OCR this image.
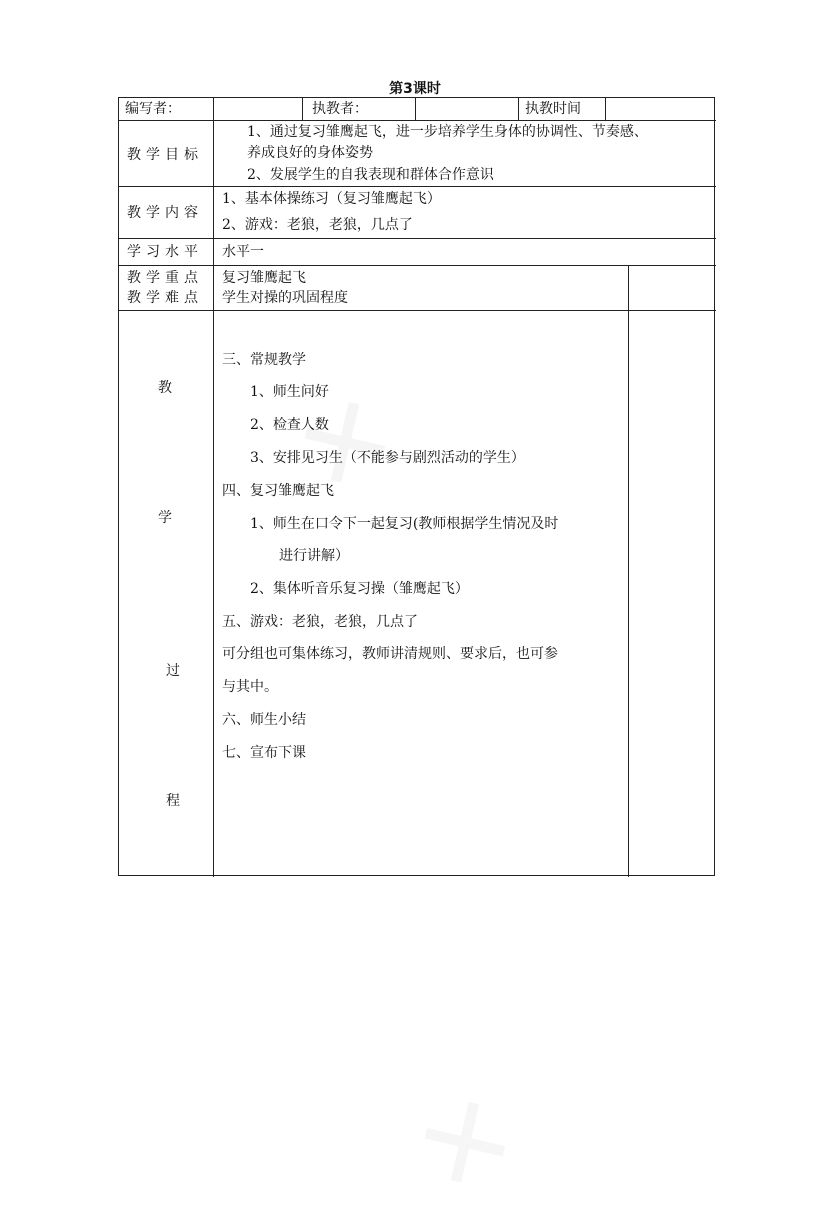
第3课时
编写者：	执教者：	执教时间
教学目标
1、通过复习雏鹰起飞，进一步培养学生身体的协调性、节奏感、
养成良好的身体姿势
2、发展学生的自我表现和群体合作意识
教学内容
1、基本体操练习（复习雏鹰起飞）
2、游戏：老狼，老狼，几点了
学习水平 水平一
教学重点
教学难点
复习雏鹰起飞
学生对操的巩固程度
教
学
过
程
三、常规教学
1、师生问好
2、检查人数
3、安排见习生（不能参与剧烈活动的学生）
四、复习雏鹰起飞
1、师生在口令下一起复习(教师根据学生情况及时
进行讲解）
2、集体听音乐复习操（雏鹰起飞）
五、游戏：老狼，老狼，几点了
可分组也可集体练习，教师讲清规则、要求后，也可参
与其中。
六、师生小结
七、宣布下课
